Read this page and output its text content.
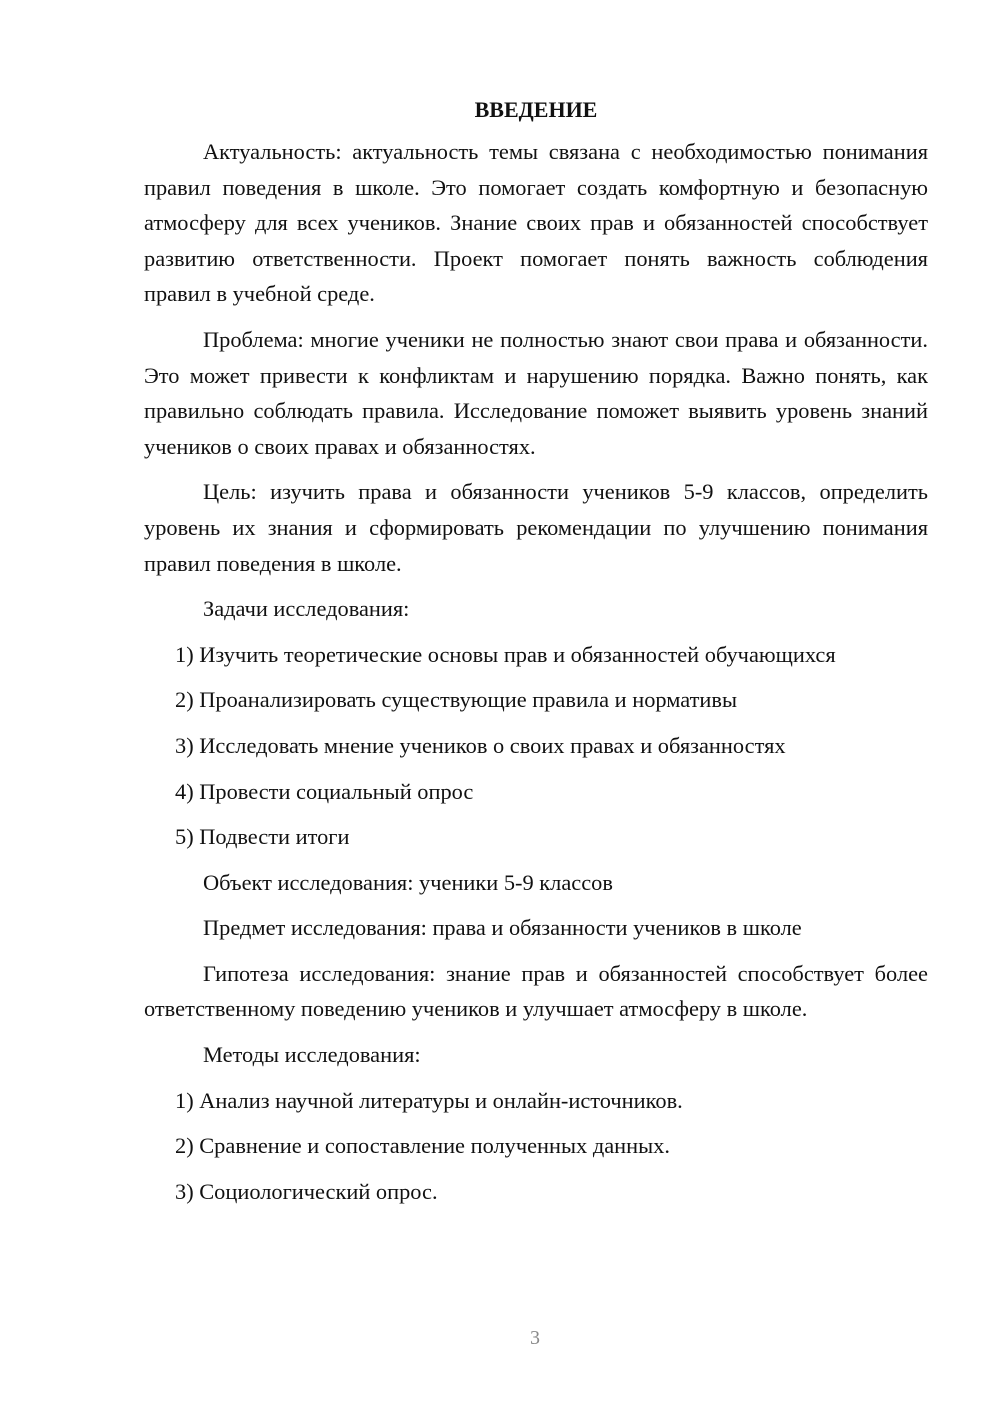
ВВЕДЕНИЕ

Актуальность: актуальность темы связана с необходимостью понимания правил поведения в школе. Это помогает создать комфортную и безопасную атмосферу для всех учеников. Знание своих прав и обязанностей способствует развитию ответственности. Проект помогает понять важность соблюдения правил в учебной среде.

Проблема: многие ученики не полностью знают свои права и обязанности. Это может привести к конфликтам и нарушению порядка. Важно понять, как правильно соблюдать правила. Исследование поможет выявить уровень знаний учеников о своих правах и обязанностях.

Цель: изучить права и обязанности учеников 5-9 классов, определить уровень их знания и сформировать рекомендации по улучшению понимания правил поведения в школе.

Задачи исследования:

1) Изучить теоретические основы прав и обязанностей обучающихся

2) Проанализировать существующие правила и нормативы

3) Исследовать мнение учеников о своих правах и обязанностях

4) Провести социальный опрос

5) Подвести итоги

Объект исследования: ученики 5-9 классов

Предмет исследования: права и обязанности учеников в школе

Гипотеза исследования: знание прав и обязанностей способствует более ответственному поведению учеников и улучшает атмосферу в школе.

Методы исследования:

1) Анализ научной литературы и онлайн-источников.

2) Сравнение и сопоставление полученных данных.

3) Социологический опрос.

3
